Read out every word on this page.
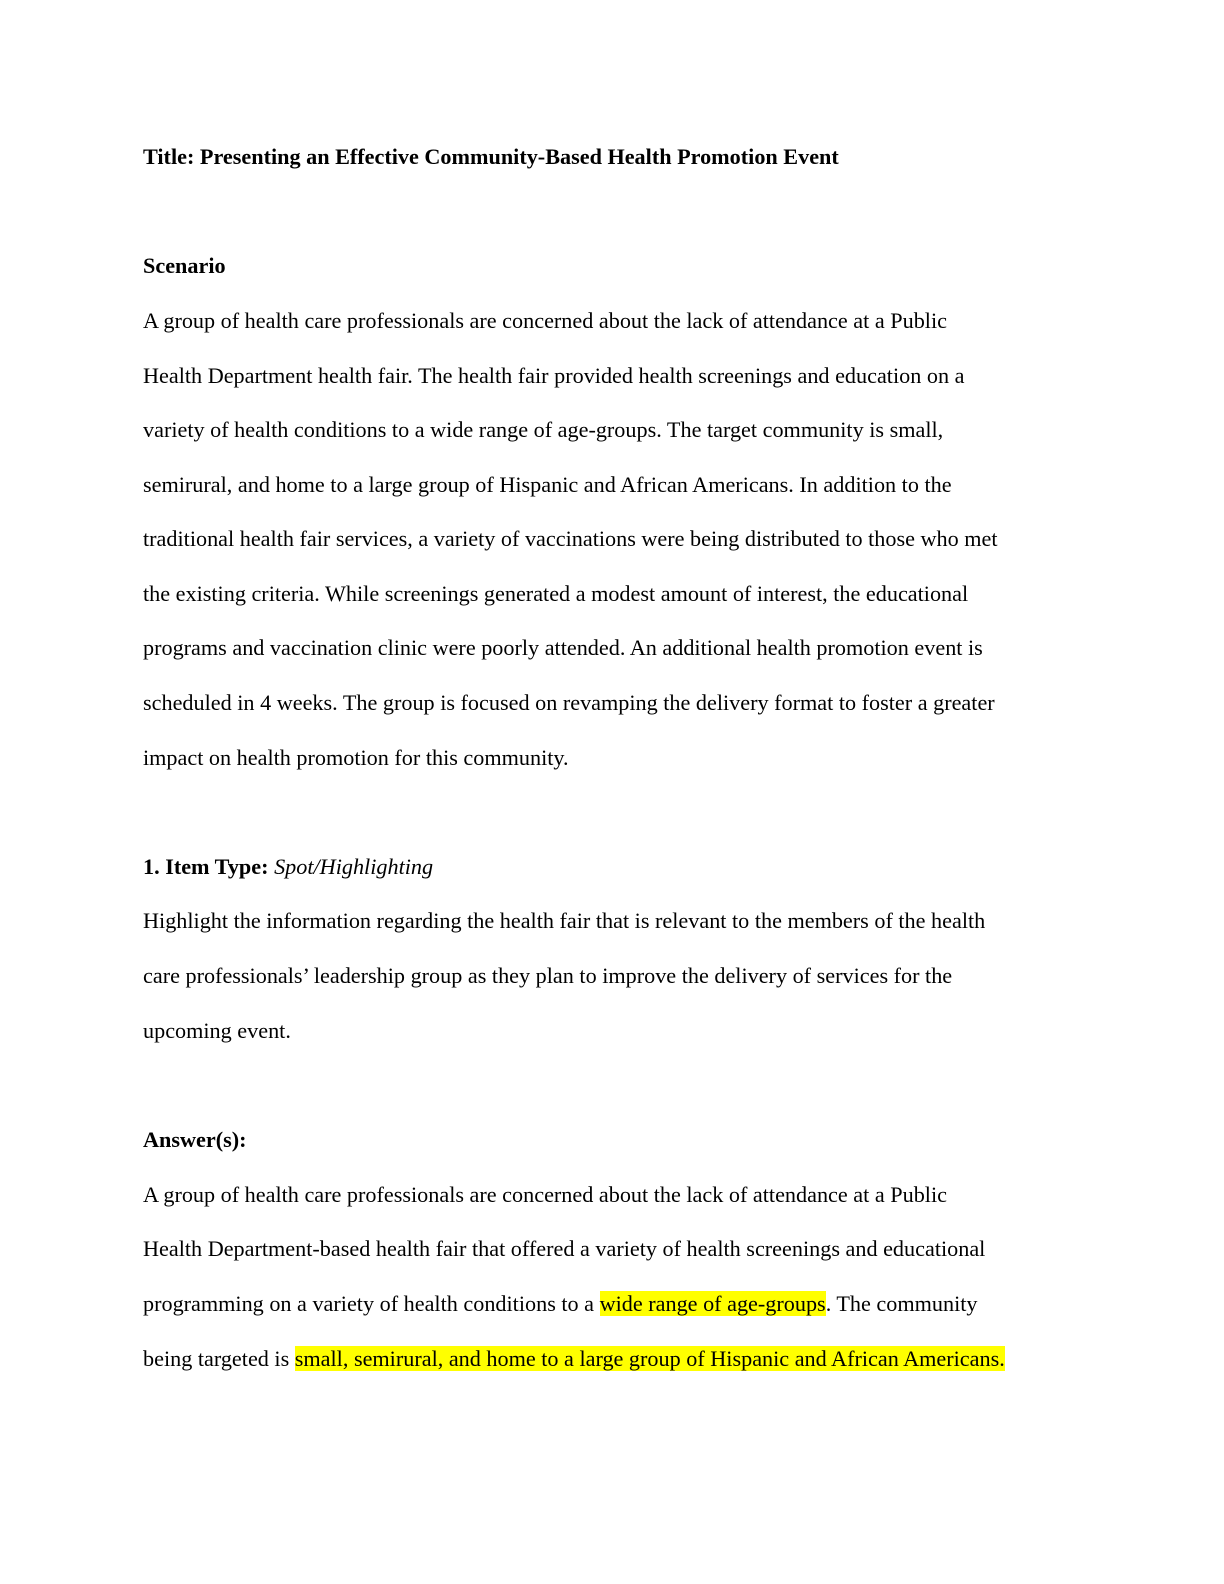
Title: Presenting an Effective Community-Based Health Promotion Event
Scenario
A group of health care professionals are concerned about the lack of attendance at a Public
Health Department health fair. The health fair provided health screenings and education on a
variety of health conditions to a wide range of age-groups. The target community is small,
semirural, and home to a large group of Hispanic and African Americans. In addition to the
traditional health fair services, a variety of vaccinations were being distributed to those who met
the existing criteria. While screenings generated a modest amount of interest, the educational
programs and vaccination clinic were poorly attended. An additional health promotion event is
scheduled in 4 weeks. The group is focused on revamping the delivery format to foster a greater
impact on health promotion for this community.
1. Item Type: Spot/Highlighting
Highlight the information regarding the health fair that is relevant to the members of the health
care professionals’ leadership group as they plan to improve the delivery of services for the
upcoming event.
Answer(s):
A group of health care professionals are concerned about the lack of attendance at a Public
Health Department-based health fair that offered a variety of health screenings and educational
programming on a variety of health conditions to a wide range of age-groups. The community
being targeted is small, semirural, and home to a large group of Hispanic and African Americans.
